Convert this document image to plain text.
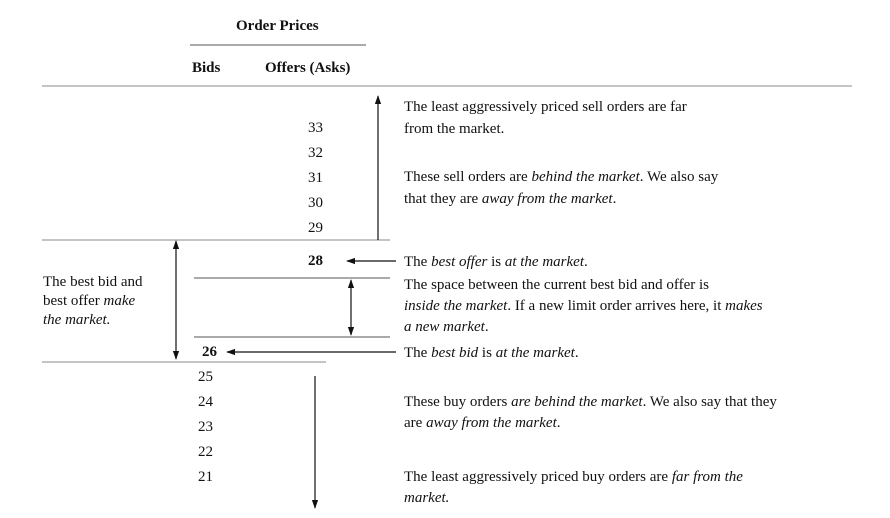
Order Prices
Bids	Offers (Asks)
33
32
31
30
29
28
26
25
24
23
22
21
The best bid and
best offer make
the market.
The least aggressively priced sell orders are far
from the market.
These sell orders are behind the market. We also say
that they are away from the market.
The best offer is at the market.
The space between the current best bid and offer is
inside the market. If a new limit order arrives here, it makes
a new market.
The best bid is at the market.
These buy orders are behind the market. We also say that they
are away from the market.
The least aggressively priced buy orders are far from the
market.
